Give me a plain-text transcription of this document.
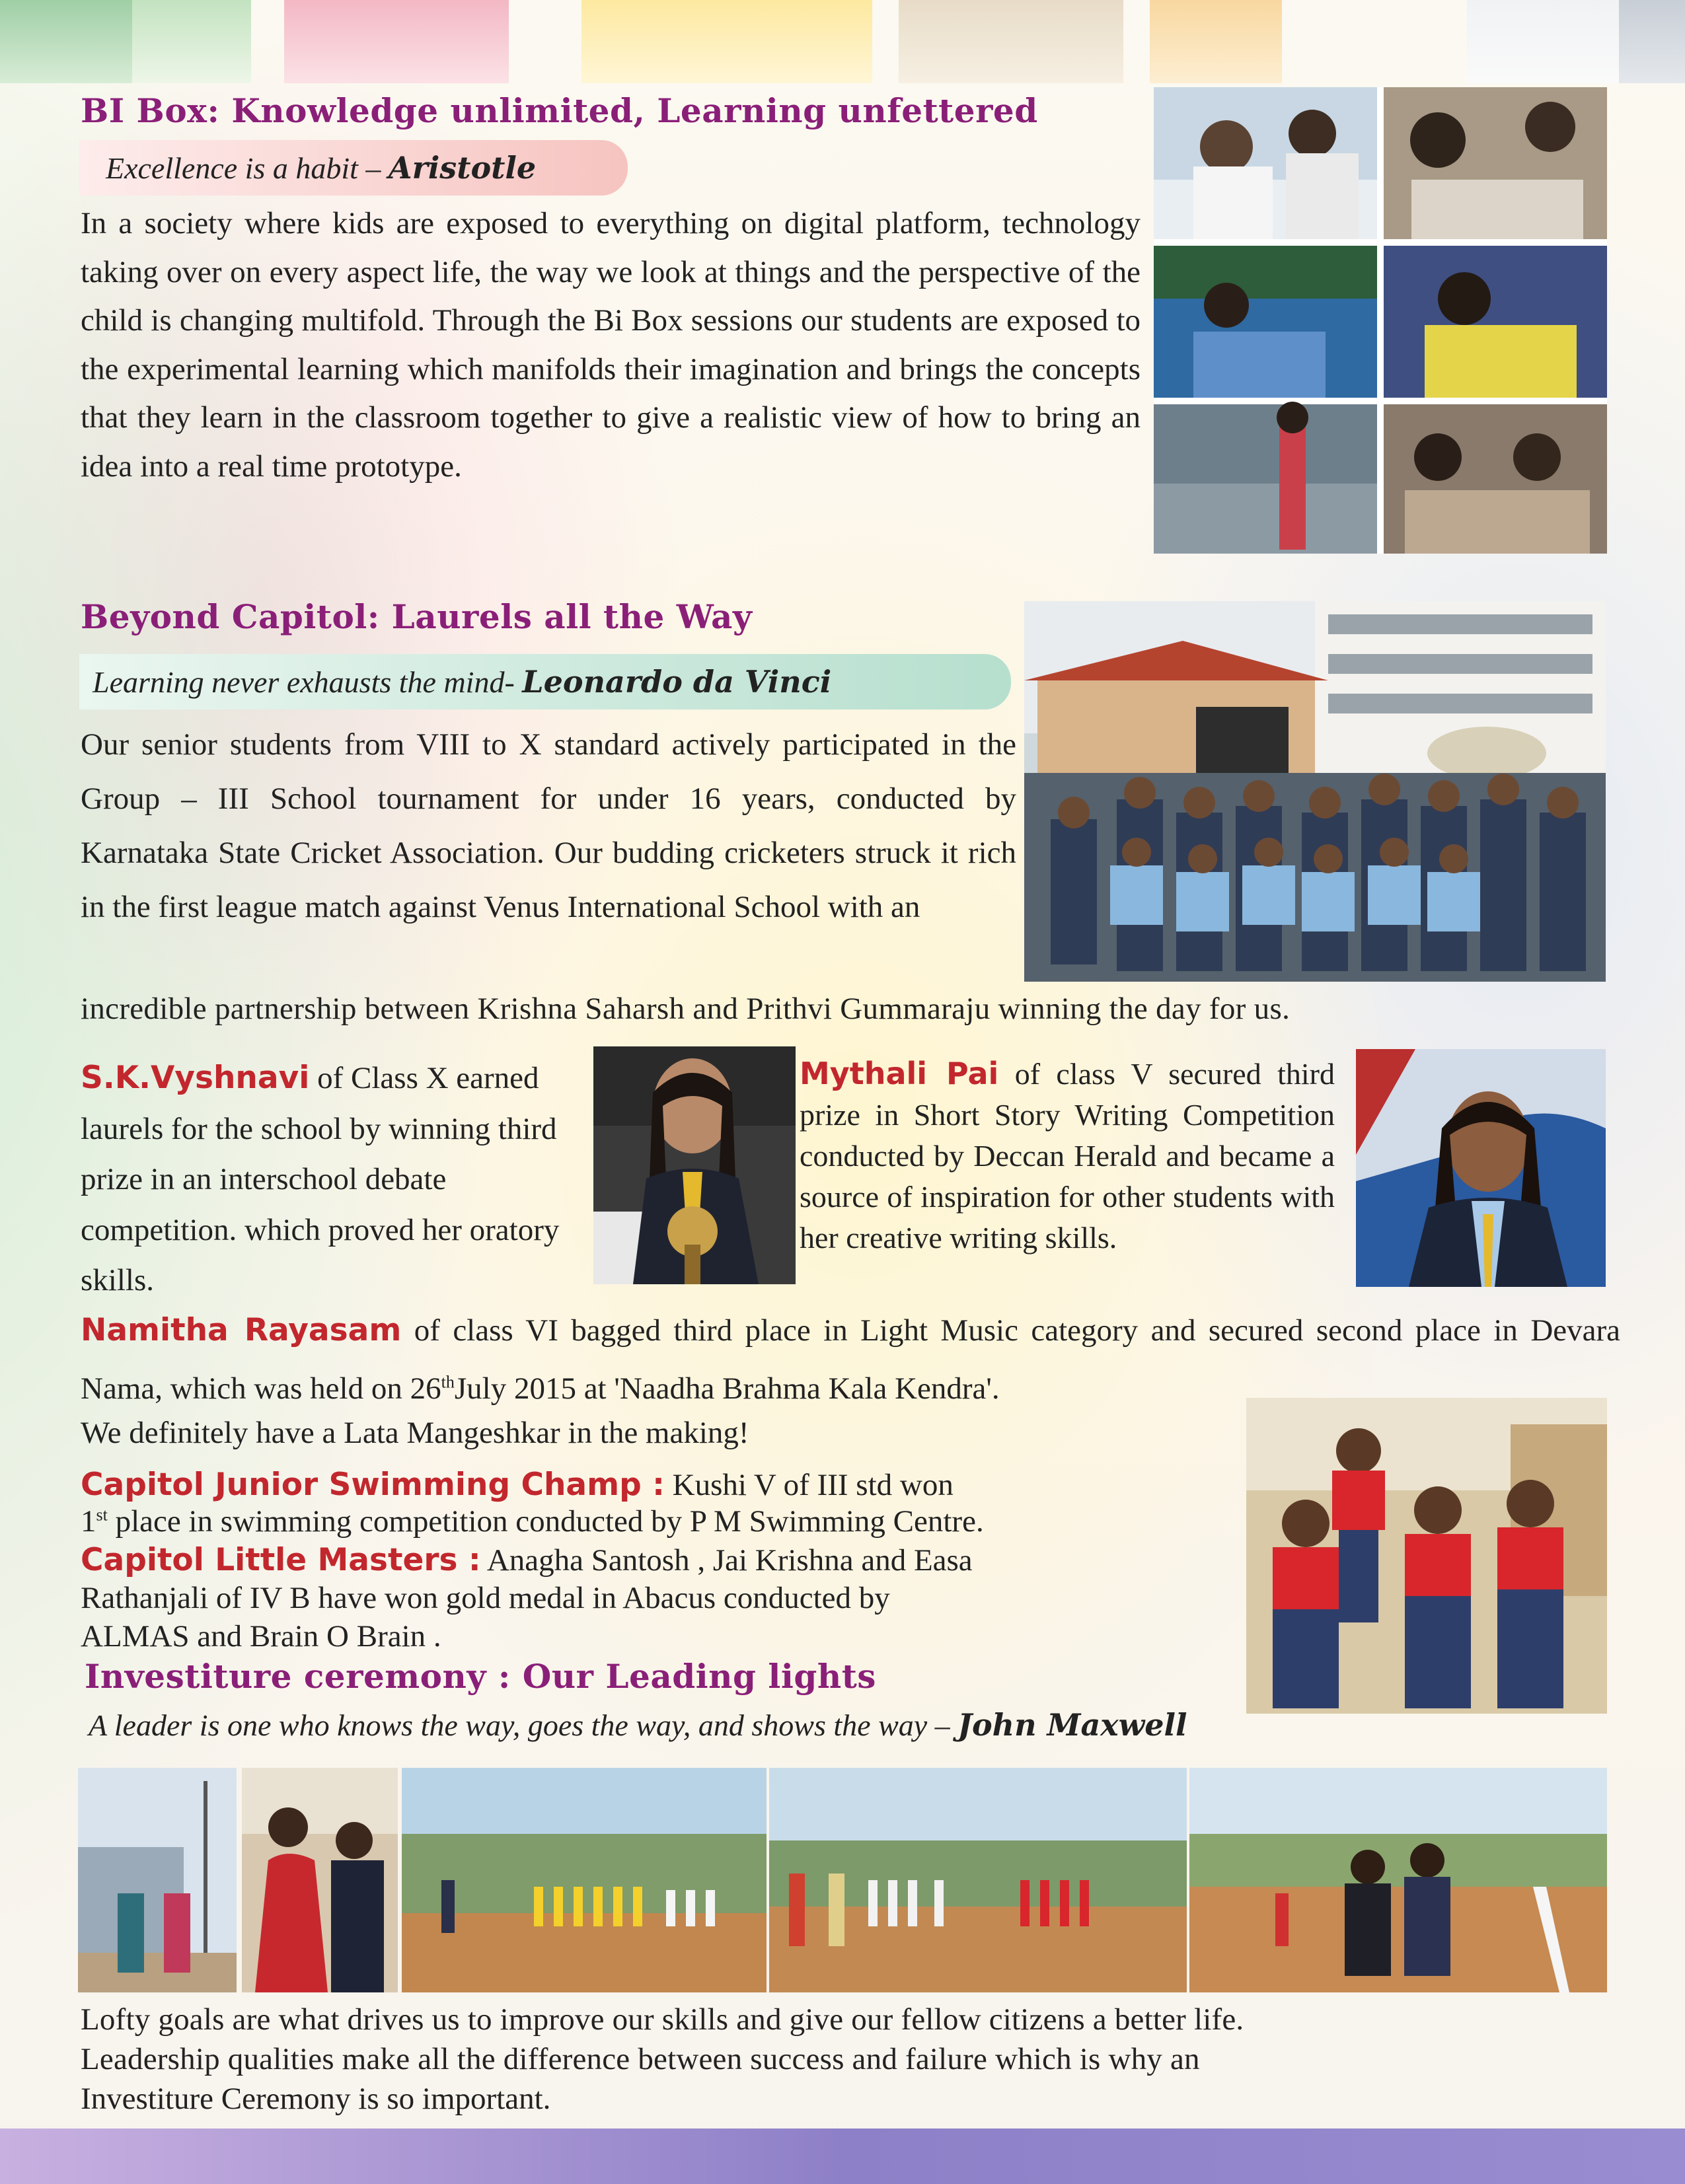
BI Box: Knowledge unlimited, Learning unfettered
Excellence is a habit – Aristotle
In a society where kids are exposed to everything on digital platform, technology taking over on every aspect life, the way we look at things and the perspective of the child is changing multifold. Through the Bi Box sessions our students are exposed to the experimental learning which manifolds their imagination and brings the concepts that they learn in the classroom together to give a realistic view of how to bring an idea into a real time prototype.
Beyond Capitol: Laurels all the Way
Learning never exhausts the mind- Leonardo da Vinci
Our senior students from VIII to X standard actively participated in the Group – III School tournament for under 16 years, conducted by Karnataka State Cricket Association. Our budding cricketers struck it rich in the first league match against Venus International School with an
incredible partnership between Krishna Saharsh and Prithvi Gummaraju winning the day for us.
S.K.Vyshnavi of Class X earned laurels for the school by winning third prize in an interschool debate competition. which proved her oratory skills.
Mythali Pai of class V secured third prize in Short Story Writing Competition conducted by Deccan Herald and became a source of inspiration for other students with her creative writing skills.
Namitha Rayasam of class VI bagged third place in Light Music category and secured second place in Devara Nama, which was held on 26thJuly 2015 at 'Naadha Brahma Kala Kendra'.
We definitely have a Lata Mangeshkar in the making!
Capitol Junior Swimming Champ : Kushi V of III std won
1st place in swimming competition conducted by P M Swimming Centre.
Capitol Little Masters : Anagha Santosh , Jai Krishna and Easa
Rathanjali of IV B have won gold medal in Abacus conducted by
ALMAS and Brain O Brain .
Investiture ceremony : Our Leading lights
A leader is one who knows the way, goes the way, and shows the way – John Maxwell
Lofty goals are what drives us to improve our skills and give our fellow citizens a better life.
Leadership qualities make all the difference between success and failure which is why an
Investiture Ceremony is so important.
